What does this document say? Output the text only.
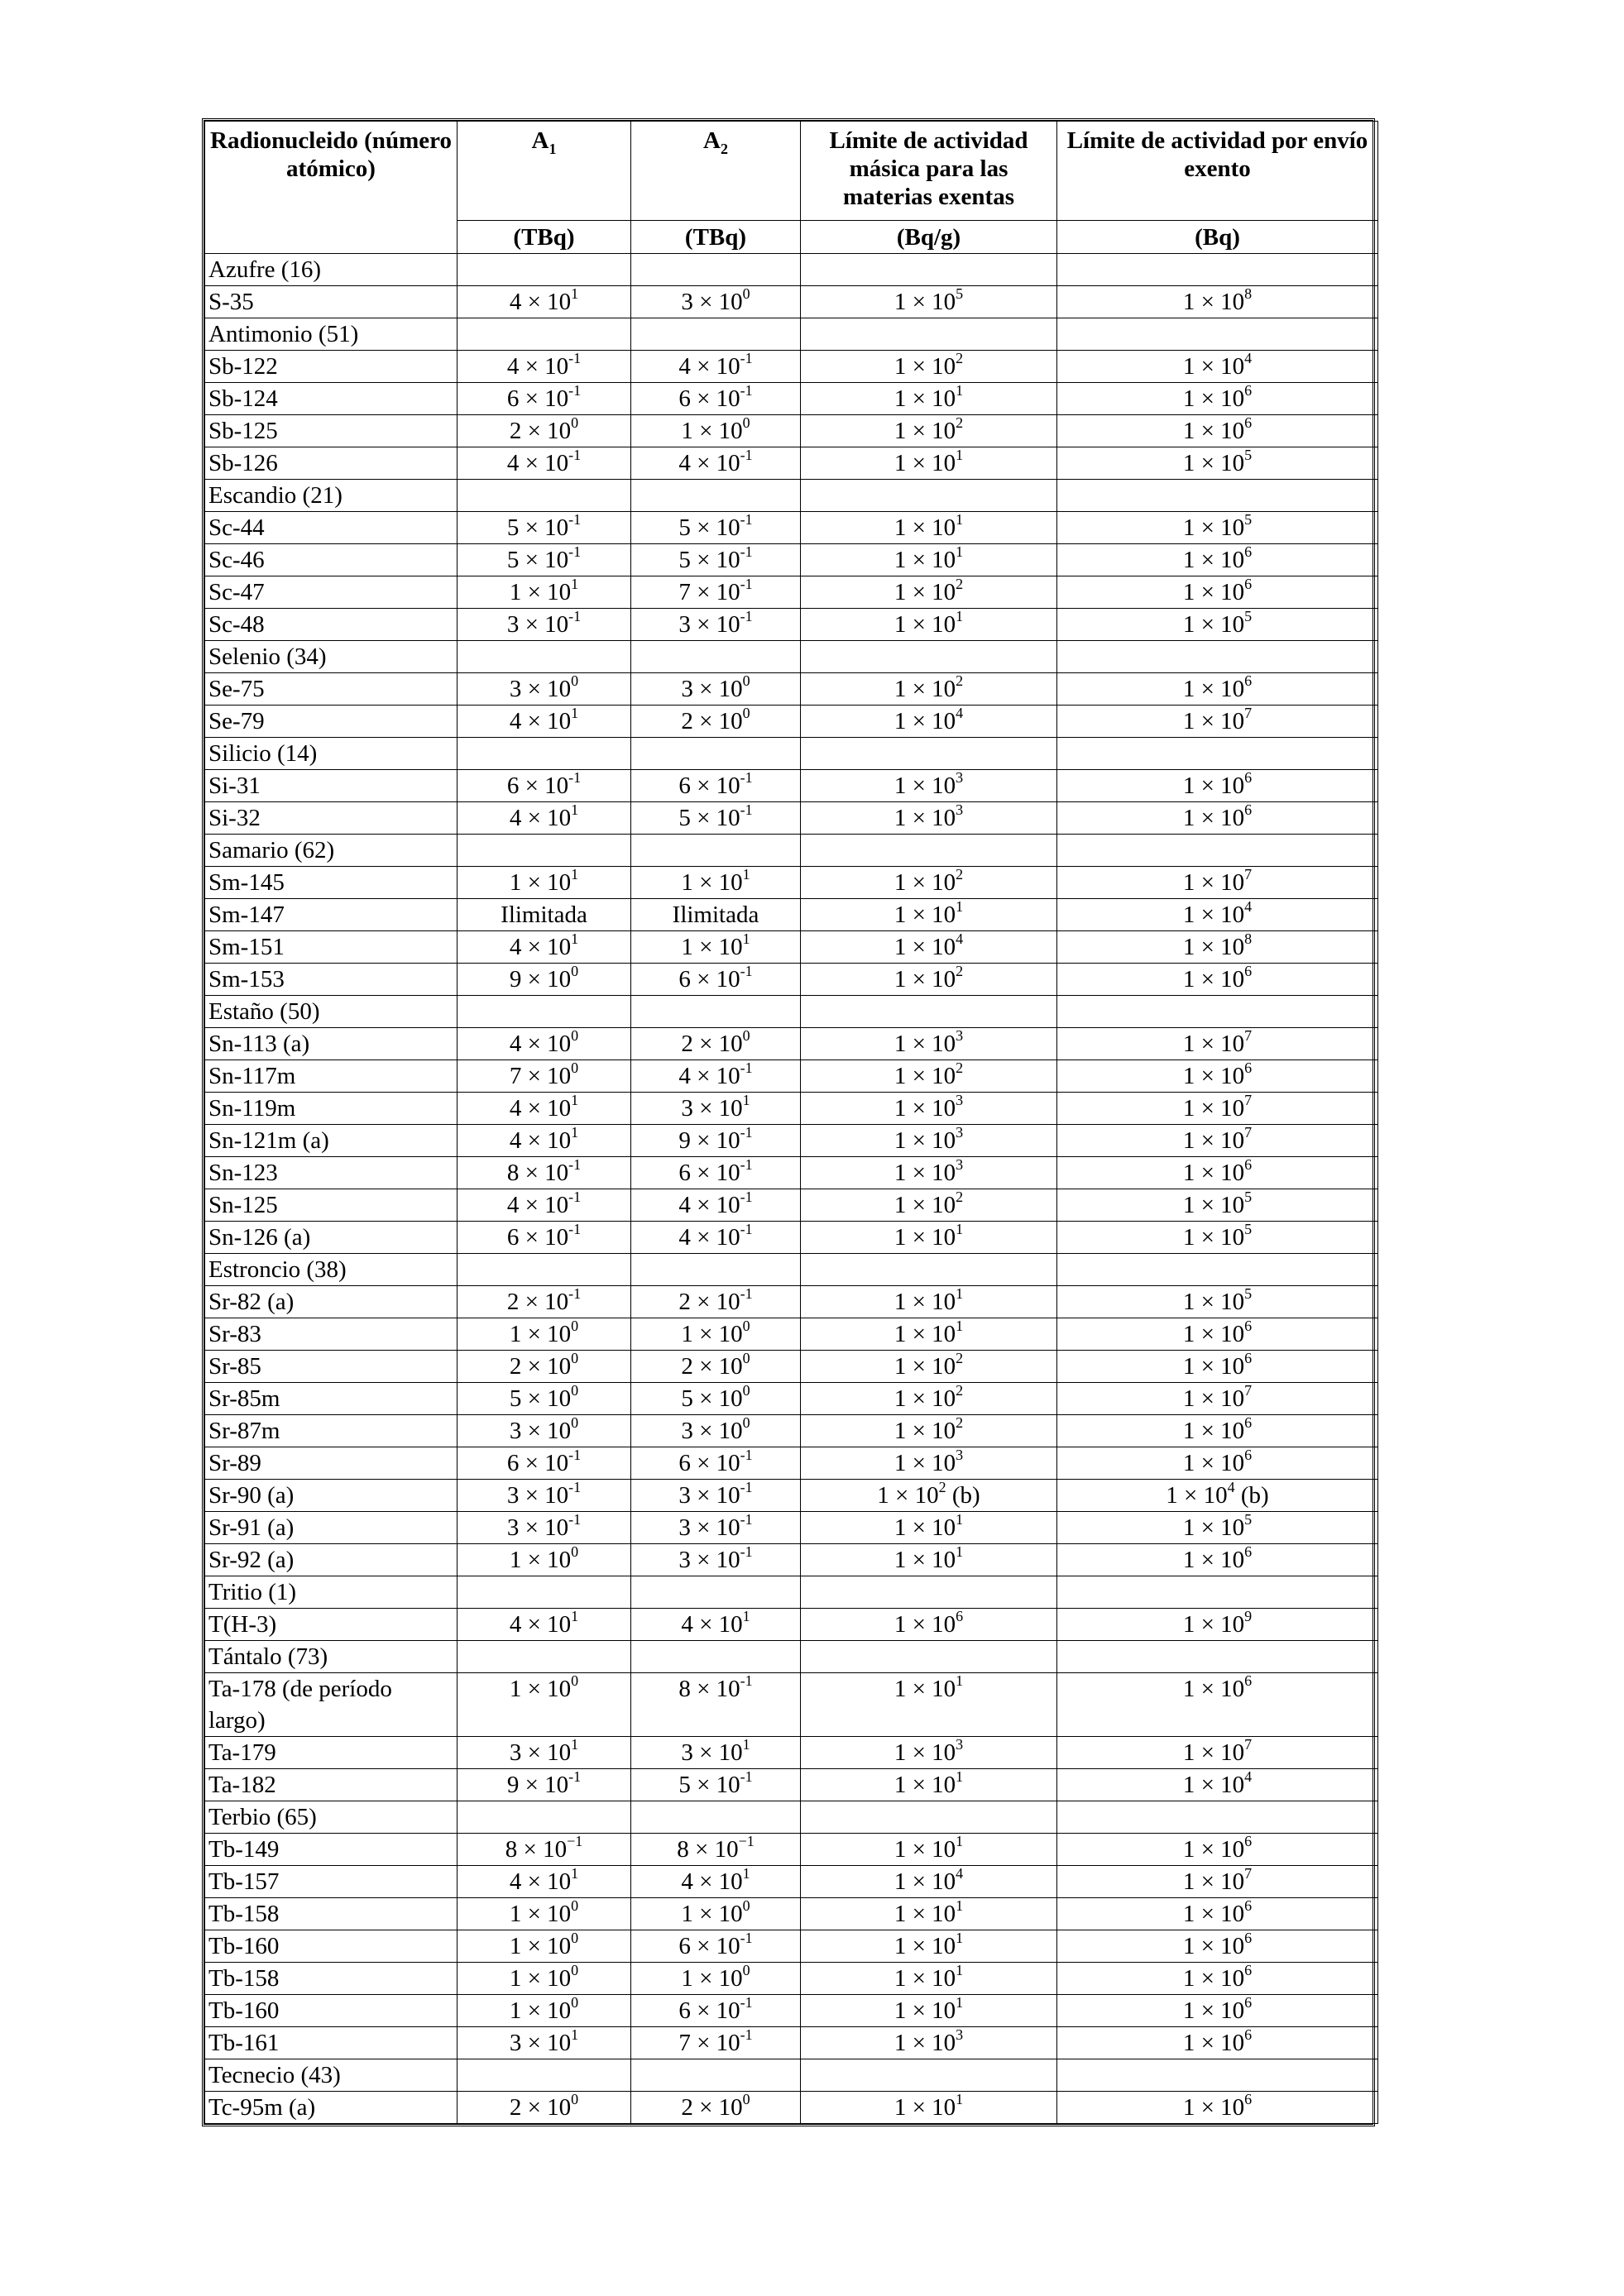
Radionucleido (número atómico)	$A_1$	$A_2$	Límite de actividad másica para las materias exentas	Límite de actividad por envío exento
	(TBq)	(TBq)	(Bq/g)	(Bq)
Azufre (16)				
S-35	$4 \times 10^1$	$3 \times 10^0$	$1 \times 10^5$	$1 \times 10^8$
Antimonio (51)				
Sb-122	$4 \times 10^{-1}$	$4 \times 10^{-1}$	$1 \times 10^2$	$1 \times 10^4$
Sb-124	$6 \times 10^{-1}$	$6 \times 10^{-1}$	$1 \times 10^1$	$1 \times 10^6$
Sb-125	$2 \times 10^0$	$1 \times 10^0$	$1 \times 10^2$	$1 \times 10^6$
Sb-126	$4 \times 10^{-1}$	$4 \times 10^{-1}$	$1 \times 10^1$	$1 \times 10^5$
Escandio (21)				
Sc-44	$5 \times 10^{-1}$	$5 \times 10^{-1}$	$1 \times 10^1$	$1 \times 10^5$
Sc-46	$5 \times 10^{-1}$	$5 \times 10^{-1}$	$1 \times 10^1$	$1 \times 10^6$
Sc-47	$1 \times 10^1$	$7 \times 10^{-1}$	$1 \times 10^2$	$1 \times 10^6$
Sc-48	$3 \times 10^{-1}$	$3 \times 10^{-1}$	$1 \times 10^1$	$1 \times 10^5$
Selenio (34)				
Se-75	$3 \times 10^0$	$3 \times 10^0$	$1 \times 10^2$	$1 \times 10^6$
Se-79	$4 \times 10^1$	$2 \times 10^0$	$1 \times 10^4$	$1 \times 10^7$
Silicio (14)				
Si-31	$6 \times 10^{-1}$	$6 \times 10^{-1}$	$1 \times 10^3$	$1 \times 10^6$
Si-32	$4 \times 10^1$	$5 \times 10^{-1}$	$1 \times 10^3$	$1 \times 10^6$
Samario (62)				
Sm-145	$1 \times 10^1$	$1 \times 10^1$	$1 \times 10^2$	$1 \times 10^7$
Sm-147	Ilimitada	Ilimitada	$1 \times 10^1$	$1 \times 10^4$
Sm-151	$4 \times 10^1$	$1 \times 10^1$	$1 \times 10^4$	$1 \times 10^8$
Sm-153	$9 \times 10^0$	$6 \times 10^{-1}$	$1 \times 10^2$	$1 \times 10^6$
Estaño (50)				
Sn-113 (a)	$4 \times 10^0$	$2 \times 10^0$	$1 \times 10^3$	$1 \times 10^7$
Sn-117m	$7 \times 10^0$	$4 \times 10^{-1}$	$1 \times 10^2$	$1 \times 10^6$
Sn-119m	$4 \times 10^1$	$3 \times 10^1$	$1 \times 10^3$	$1 \times 10^7$
Sn-121m (a)	$4 \times 10^1$	$9 \times 10^{-1}$	$1 \times 10^3$	$1 \times 10^7$
Sn-123	$8 \times 10^{-1}$	$6 \times 10^{-1}$	$1 \times 10^3$	$1 \times 10^6$
Sn-125	$4 \times 10^{-1}$	$4 \times 10^{-1}$	$1 \times 10^2$	$1 \times 10^5$
Sn-126 (a)	$6 \times 10^{-1}$	$4 \times 10^{-1}$	$1 \times 10^1$	$1 \times 10^5$
Estroncio (38)				
Sr-82 (a)	$2 \times 10^{-1}$	$2 \times 10^{-1}$	$1 \times 10^1$	$1 \times 10^5$
Sr-83	$1 \times 10^0$	$1 \times 10^0$	$1 \times 10^1$	$1 \times 10^6$
Sr-85	$2 \times 10^0$	$2 \times 10^0$	$1 \times 10^2$	$1 \times 10^6$
Sr-85m	$5 \times 10^0$	$5 \times 10^0$	$1 \times 10^2$	$1 \times 10^7$
Sr-87m	$3 \times 10^0$	$3 \times 10^0$	$1 \times 10^2$	$1 \times 10^6$
Sr-89	$6 \times 10^{-1}$	$6 \times 10^{-1}$	$1 \times 10^3$	$1 \times 10^6$
Sr-90 (a)	$3 \times 10^{-1}$	$3 \times 10^{-1}$	$1 \times 10^2$ (b)	$1 \times 10^4$ (b)
Sr-91 (a)	$3 \times 10^{-1}$	$3 \times 10^{-1}$	$1 \times 10^1$	$1 \times 10^5$
Sr-92 (a)	$1 \times 10^0$	$3 \times 10^{-1}$	$1 \times 10^1$	$1 \times 10^6$
Tritio (1)				
T(H-3)	$4 \times 10^1$	$4 \times 10^1$	$1 \times 10^6$	$1 \times 10^9$
Tántalo (73)				
Ta-178 (de período largo)	$1 \times 10^0$	$8 \times 10^{-1}$	$1 \times 10^1$	$1 \times 10^6$
Ta-179	$3 \times 10^1$	$3 \times 10^1$	$1 \times 10^3$	$1 \times 10^7$
Ta-182	$9 \times 10^{-1}$	$5 \times 10^{-1}$	$1 \times 10^1$	$1 \times 10^4$
Terbio (65)				
Tb-149	$8 \times 10^{-1}$	$8 \times 10^{-1}$	$1 \times 10^1$	$1 \times 10^6$
Tb-157	$4 \times 10^1$	$4 \times 10^1$	$1 \times 10^4$	$1 \times 10^7$
Tb-158	$1 \times 10^0$	$1 \times 10^0$	$1 \times 10^1$	$1 \times 10^6$
Tb-160	$1 \times 10^0$	$6 \times 10^{-1}$	$1 \times 10^1$	$1 \times 10^6$
Tb-158	$1 \times 10^0$	$1 \times 10^0$	$1 \times 10^1$	$1 \times 10^6$
Tb-160	$1 \times 10^0$	$6 \times 10^{-1}$	$1 \times 10^1$	$1 \times 10^6$
Tb-161	$3 \times 10^1$	$7 \times 10^{-1}$	$1 \times 10^3$	$1 \times 10^6$
Tecnecio (43)				
Tc-95m (a)	$2 \times 10^0$	$2 \times 10^0$	$1 \times 10^1$	$1 \times 10^6$
